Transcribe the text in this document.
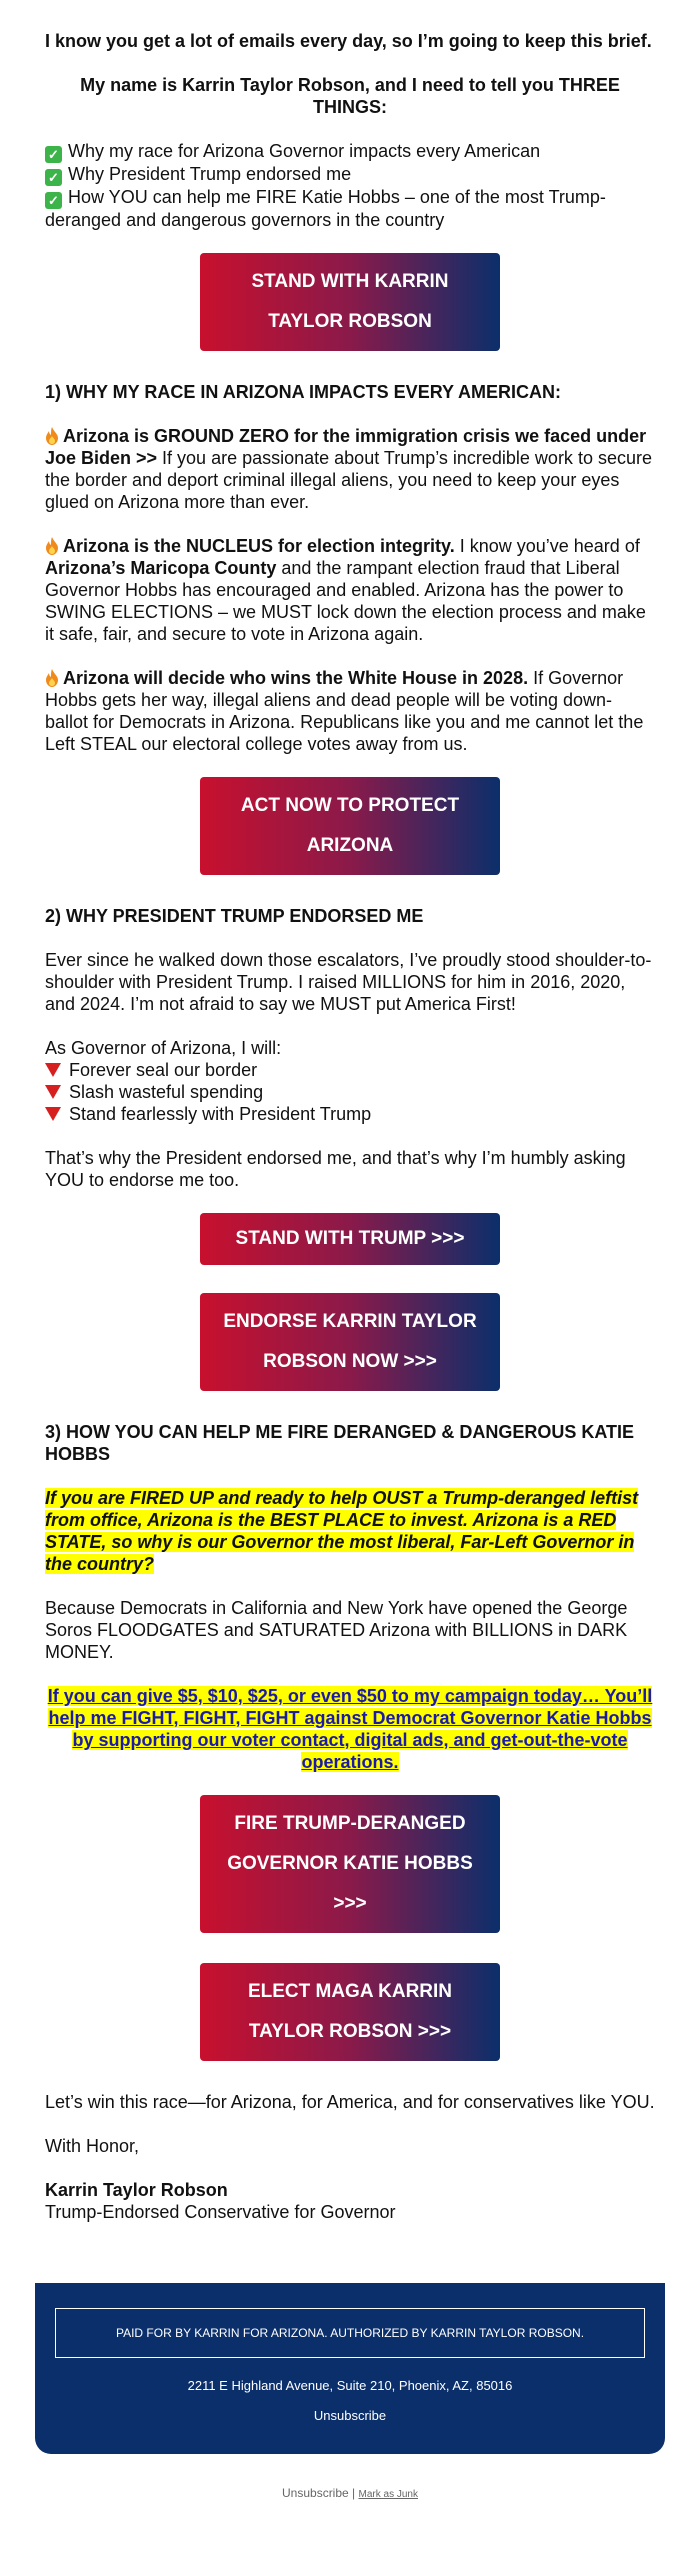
I know you get a lot of emails every day, so I’m going to keep this brief.
My name is Karrin Taylor Robson, and I need to tell you THREE THINGS:
✓ Why my race for Arizona Governor impacts every American
✓ Why President Trump endorsed me
✓ How YOU can help me FIRE Katie Hobbs – one of the most Trump-deranged and dangerous governors in the country
STAND WITH KARRIN TAYLOR ROBSON
1) WHY MY RACE IN ARIZONA IMPACTS EVERY AMERICAN:
Arizona is GROUND ZERO for the immigration crisis we faced under Joe Biden >> If you are passionate about Trump’s incredible work to secure the border and deport criminal illegal aliens, you need to keep your eyes glued on Arizona more than ever.
Arizona is the NUCLEUS for election integrity. I know you’ve heard of Arizona’s Maricopa County and the rampant election fraud that Liberal Governor Hobbs has encouraged and enabled. Arizona has the power to SWING ELECTIONS – we MUST lock down the election process and make it safe, fair, and secure to vote in Arizona again.
Arizona will decide who wins the White House in 2028. If Governor Hobbs gets her way, illegal aliens and dead people will be voting down-ballot for Democrats in Arizona. Republicans like you and me cannot let the Left STEAL our electoral college votes away from us.
ACT NOW TO PROTECT ARIZONA
2) WHY PRESIDENT TRUMP ENDORSED ME
Ever since he walked down those escalators, I’ve proudly stood shoulder-to-shoulder with President Trump. I raised MILLIONS for him in 2016, 2020, and 2024. I’m not afraid to say we MUST put America First!
As Governor of Arizona, I will:
Forever seal our border
Slash wasteful spending
Stand fearlessly with President Trump
That’s why the President endorsed me, and that’s why I’m humbly asking YOU to endorse me too.
STAND WITH TRUMP >>>
ENDORSE KARRIN TAYLOR ROBSON NOW >>>
3) HOW YOU CAN HELP ME FIRE DERANGED & DANGEROUS KATIE HOBBS
If you are FIRED UP and ready to help OUST a Trump-deranged leftist from office, Arizona is the BEST PLACE to invest. Arizona is a RED STATE, so why is our Governor the most liberal, Far-Left Governor in the country?
Because Democrats in California and New York have opened the George Soros FLOODGATES and SATURATED Arizona with BILLIONS in DARK MONEY.
If you can give $5, $10, $25, or even $50 to my campaign today… You’ll help me FIGHT, FIGHT, FIGHT against Democrat Governor Katie Hobbs by supporting our voter contact, digital ads, and get-out-the-vote operations.
FIRE TRUMP-DERANGED GOVERNOR KATIE HOBBS >>>
ELECT MAGA KARRIN TAYLOR ROBSON >>>
Let’s win this race—for Arizona, for America, and for conservatives like YOU.
With Honor,
Karrin Taylor Robson
Trump-Endorsed Conservative for Governor
PAID FOR BY KARRIN FOR ARIZONA. AUTHORIZED BY KARRIN TAYLOR ROBSON.
2211 E Highland Avenue, Suite 210, Phoenix, AZ, 85016
Unsubscribe
Unsubscribe | Mark as Junk
